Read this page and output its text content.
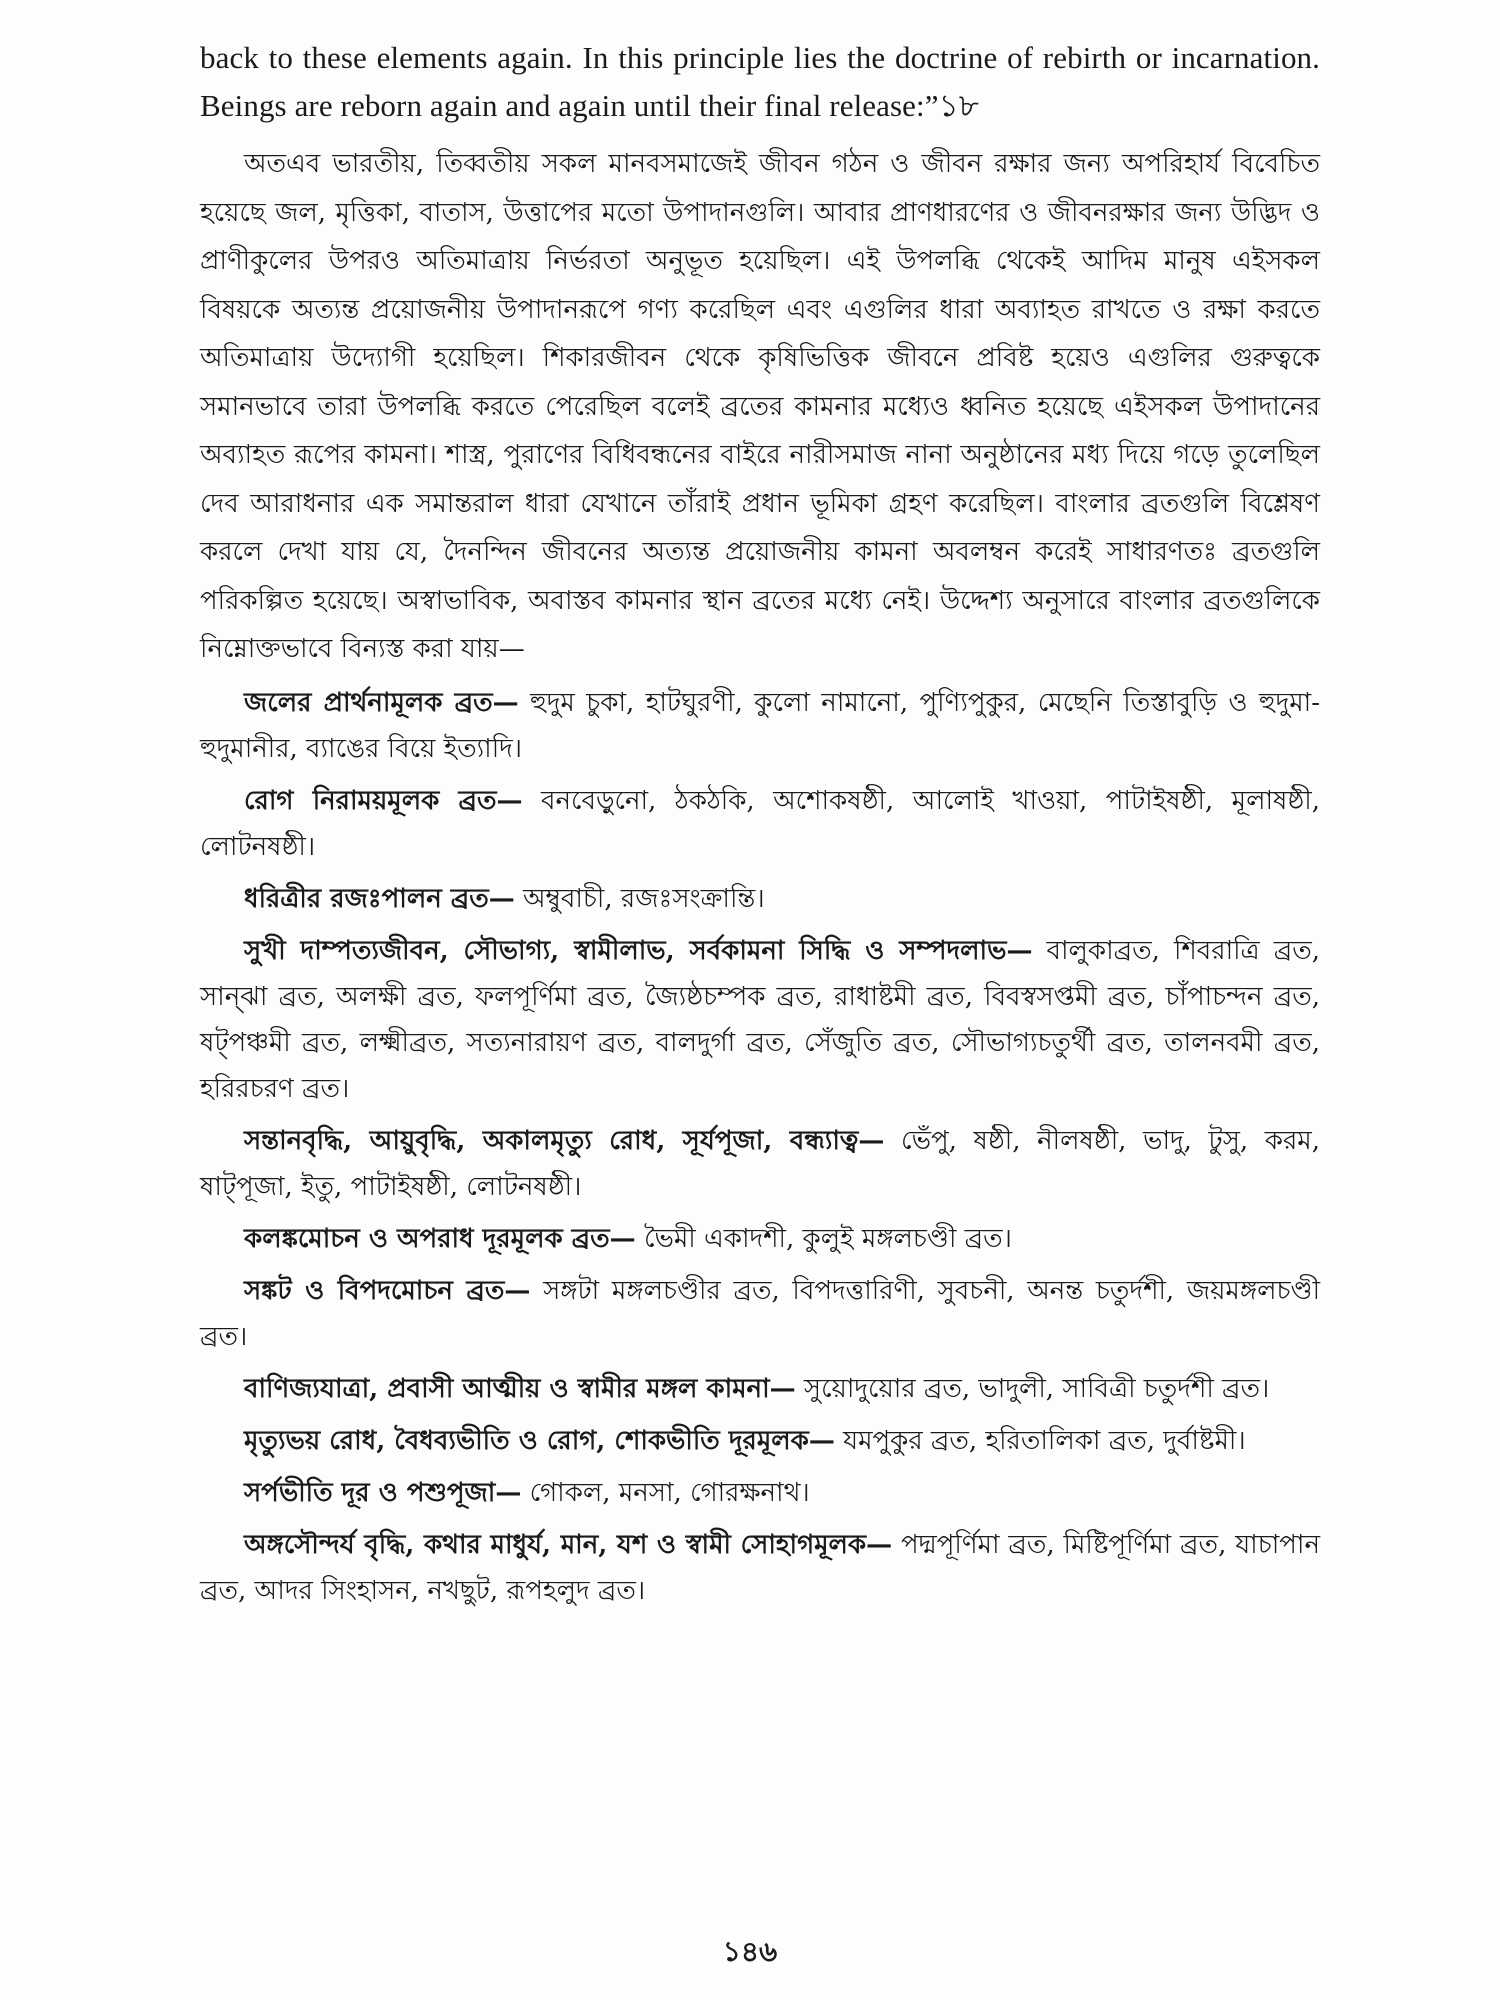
back to these elements again. In this principle lies the doctrine of rebirth or incarnation. Beings are reborn again and again until their final release:”১৮

অতএব ভারতীয়, তিব্বতীয় সকল মানবসমাজেই জীবন গঠন ও জীবন রক্ষার জন্য অপরিহার্য বিবেচিত হয়েছে জল, মৃত্তিকা, বাতাস, উত্তাপের মতো উপাদানগুলি। আবার প্রাণধারণের ও জীবনরক্ষার জন্য উদ্ভিদ ও প্রাণীকুলের উপরও অতিমাত্রায় নির্ভরতা অনুভূত হয়েছিল। এই উপলব্ধি থেকেই আদিম মানুষ এইসকল বিষয়কে অত্যন্ত প্রয়োজনীয় উপাদানরূপে গণ্য করেছিল এবং এগুলির ধারা অব্যাহত রাখতে ও রক্ষা করতে অতিমাত্রায় উদ্যোগী হয়েছিল। শিকারজীবন থেকে কৃষিভিত্তিক জীবনে প্রবিষ্ট হয়েও এগুলির গুরুত্বকে সমানভাবে তারা উপলব্ধি করতে পেরেছিল বলেই ব্রতের কামনার মধ্যেও ধ্বনিত হয়েছে এইসকল উপাদানের অব্যাহত রূপের কামনা। শাস্ত্র, পুরাণের বিধিবন্ধনের বাইরে নারীসমাজ নানা অনুষ্ঠানের মধ্য দিয়ে গড়ে তুলেছিল দেব আরাধনার এক সমান্তরাল ধারা যেখানে তাঁরাই প্রধান ভূমিকা গ্রহণ করেছিল। বাংলার ব্রতগুলি বিশ্লেষণ করলে দেখা যায় যে, দৈনন্দিন জীবনের অত্যন্ত প্রয়োজনীয় কামনা অবলম্বন করেই সাধারণতঃ ব্রতগুলি পরিকল্পিত হয়েছে। অস্বাভাবিক, অবাস্তব কামনার স্থান ব্রতের মধ্যে নেই। উদ্দেশ্য অনুসারে বাংলার ব্রতগুলিকে নিম্নোক্তভাবে বিন্যস্ত করা যায়—

জলের প্রার্থনামূলক ব্রত— হুদুম চুকা, হাটঘুরণী, কুলো নামানো, পুণ্যিপুকুর, মেছেনি তিস্তাবুড়ি ও হুদুমা-হুদুমানীর, ব্যাঙের বিয়ে ইত্যাদি।

রোগ নিরাময়মূলক ব্রত— বনবেড়ুনো, ঠকঠকি, অশোকষষ্ঠী, আলোই খাওয়া, পাটাইষষ্ঠী, মূলাষষ্ঠী, লোটনষষ্ঠী।

ধরিত্রীর রজঃপালন ব্রত— অম্বুবাচী, রজঃসংক্রান্তি।

সুখী দাম্পত্যজীবন, সৌভাগ্য, স্বামীলাভ, সর্বকামনা সিদ্ধি ও সম্পদলাভ— বালুকাব্রত, শিবরাত্রি ব্রত, সান্ঝা ব্রত, অলক্ষী ব্রত, ফলপূর্ণিমা ব্রত, জ্যৈষ্ঠচম্পক ব্রত, রাধাষ্টমী ব্রত, বিবস্বসপ্তমী ব্রত, চাঁপাচন্দন ব্রত, ষট্পঞ্চমী ব্রত, লক্ষ্মীব্রত, সত্যনারায়ণ ব্রত, বালদুর্গা ব্রত, সেঁজুতি ব্রত, সৌভাগ্যচতুর্থী ব্রত, তালনবমী ব্রত, হরিরচরণ ব্রত।

সন্তানবৃদ্ধি, আয়ুবৃদ্ধি, অকালমৃত্যু রোধ, সূর্যপূজা, বন্ধ্যাত্ব— ভেঁপু, ষষ্ঠী, নীলষষ্ঠী, ভাদু, টুসু, করম, ষাট্পূজা, ইতু, পাটাইষষ্ঠী, লোটনষষ্ঠী।

কলঙ্কমোচন ও অপরাধ দূরমূলক ব্রত— ভৈমী একাদশী, কুলুই মঙ্গলচণ্ডী ব্রত।

সঙ্কট ও বিপদমোচন ব্রত— সঙ্গটা মঙ্গলচণ্ডীর ব্রত, বিপদত্তারিণী, সুবচনী, অনন্ত চতুর্দশী, জয়মঙ্গলচণ্ডী ব্রত।

বাণিজ্যযাত্রা, প্রবাসী আত্মীয় ও স্বামীর মঙ্গল কামনা— সুয়োদুয়োর ব্রত, ভাদুলী, সাবিত্রী চতুর্দশী ব্রত।

মৃত্যুভয় রোধ, বৈধব্যভীতি ও রোগ, শোকভীতি দূরমূলক— যমপুকুর ব্রত, হরিতালিকা ব্রত, দুর্বাষ্টমী।

সর্পভীতি দূর ও পশুপূজা— গোকল, মনসা, গোরক্ষনাথ।

অঙ্গসৌন্দর্য বৃদ্ধি, কথার মাধুর্য, মান, যশ ও স্বামী সোহাগমূলক— পদ্মপূর্ণিমা ব্রত, মিষ্টিপূর্ণিমা ব্রত, যাচাপান ব্রত, আদর সিংহাসন, নখছুট, রূপহলুদ ব্রত।

১৪৬
